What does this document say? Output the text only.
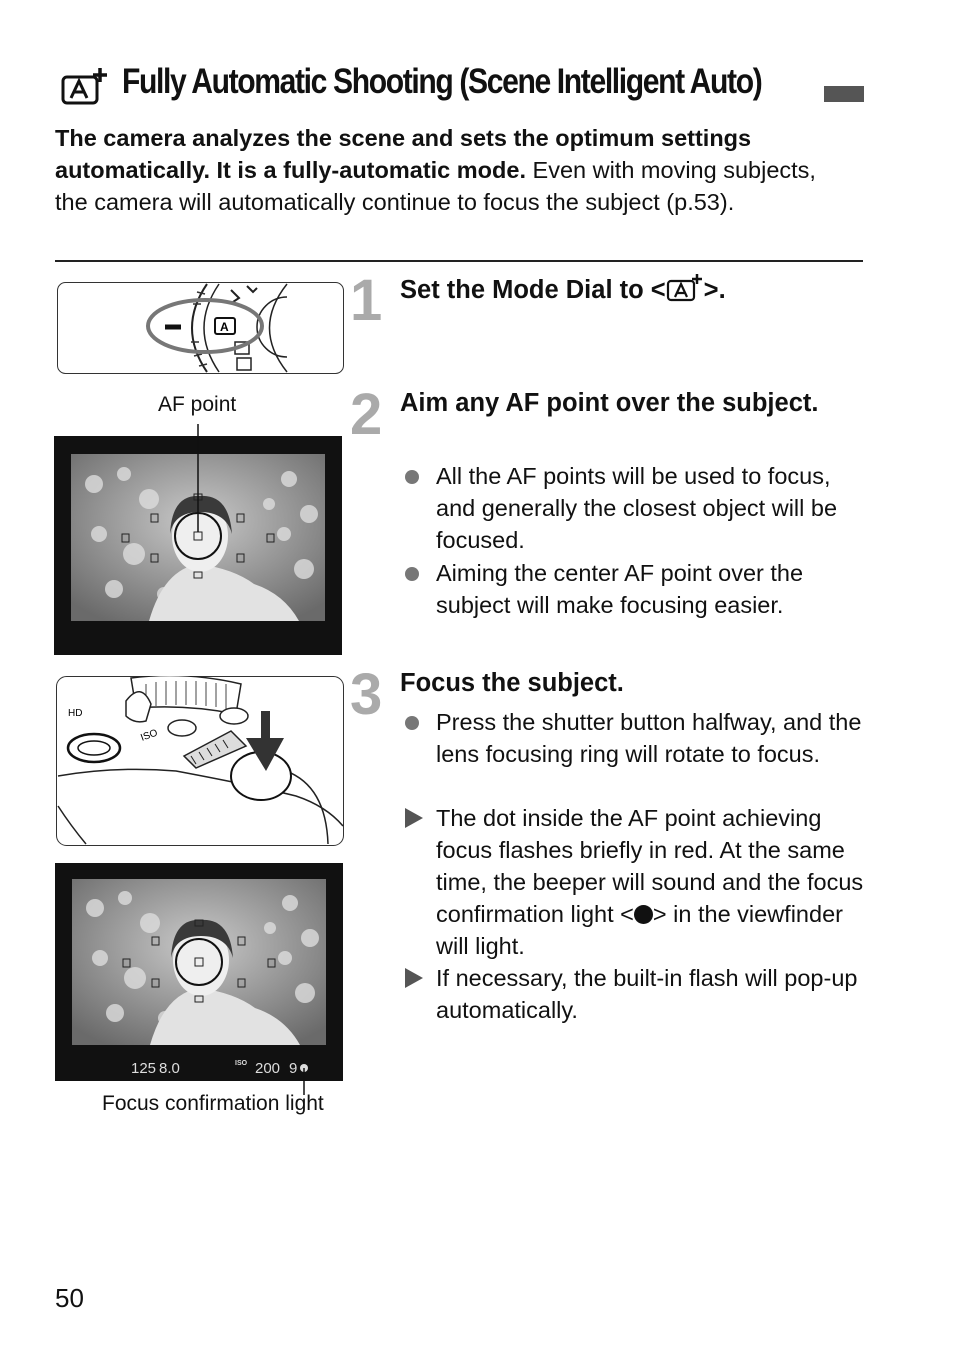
Fully Automatic Shooting (Scene Intelligent Auto)
The camera analyzes the scene and sets the optimum settings automatically. It is a fully-automatic mode. Even with moving subjects, the camera will automatically continue to focus the subject (p.53).
A 1 Set the Mode Dial to < >.
AF point 2 Aim any AF point over the subject.
All the AF points will be used to focus, and generally the closest object will be focused.
Aiming the center AF point over the subject will make focusing easier.
HD
ISO
125 8.0	ISO 200 9
Focus confirmation light
3 Focus the subject.
Press the shutter button halfway, and the lens focusing ring will rotate to focus.
The dot inside the AF point achieving focus flashes briefly in red. At the same time, the beeper will sound and the focus confirmation light < > in the viewfinder will light.
If necessary, the built-in flash will pop-up automatically.
50
